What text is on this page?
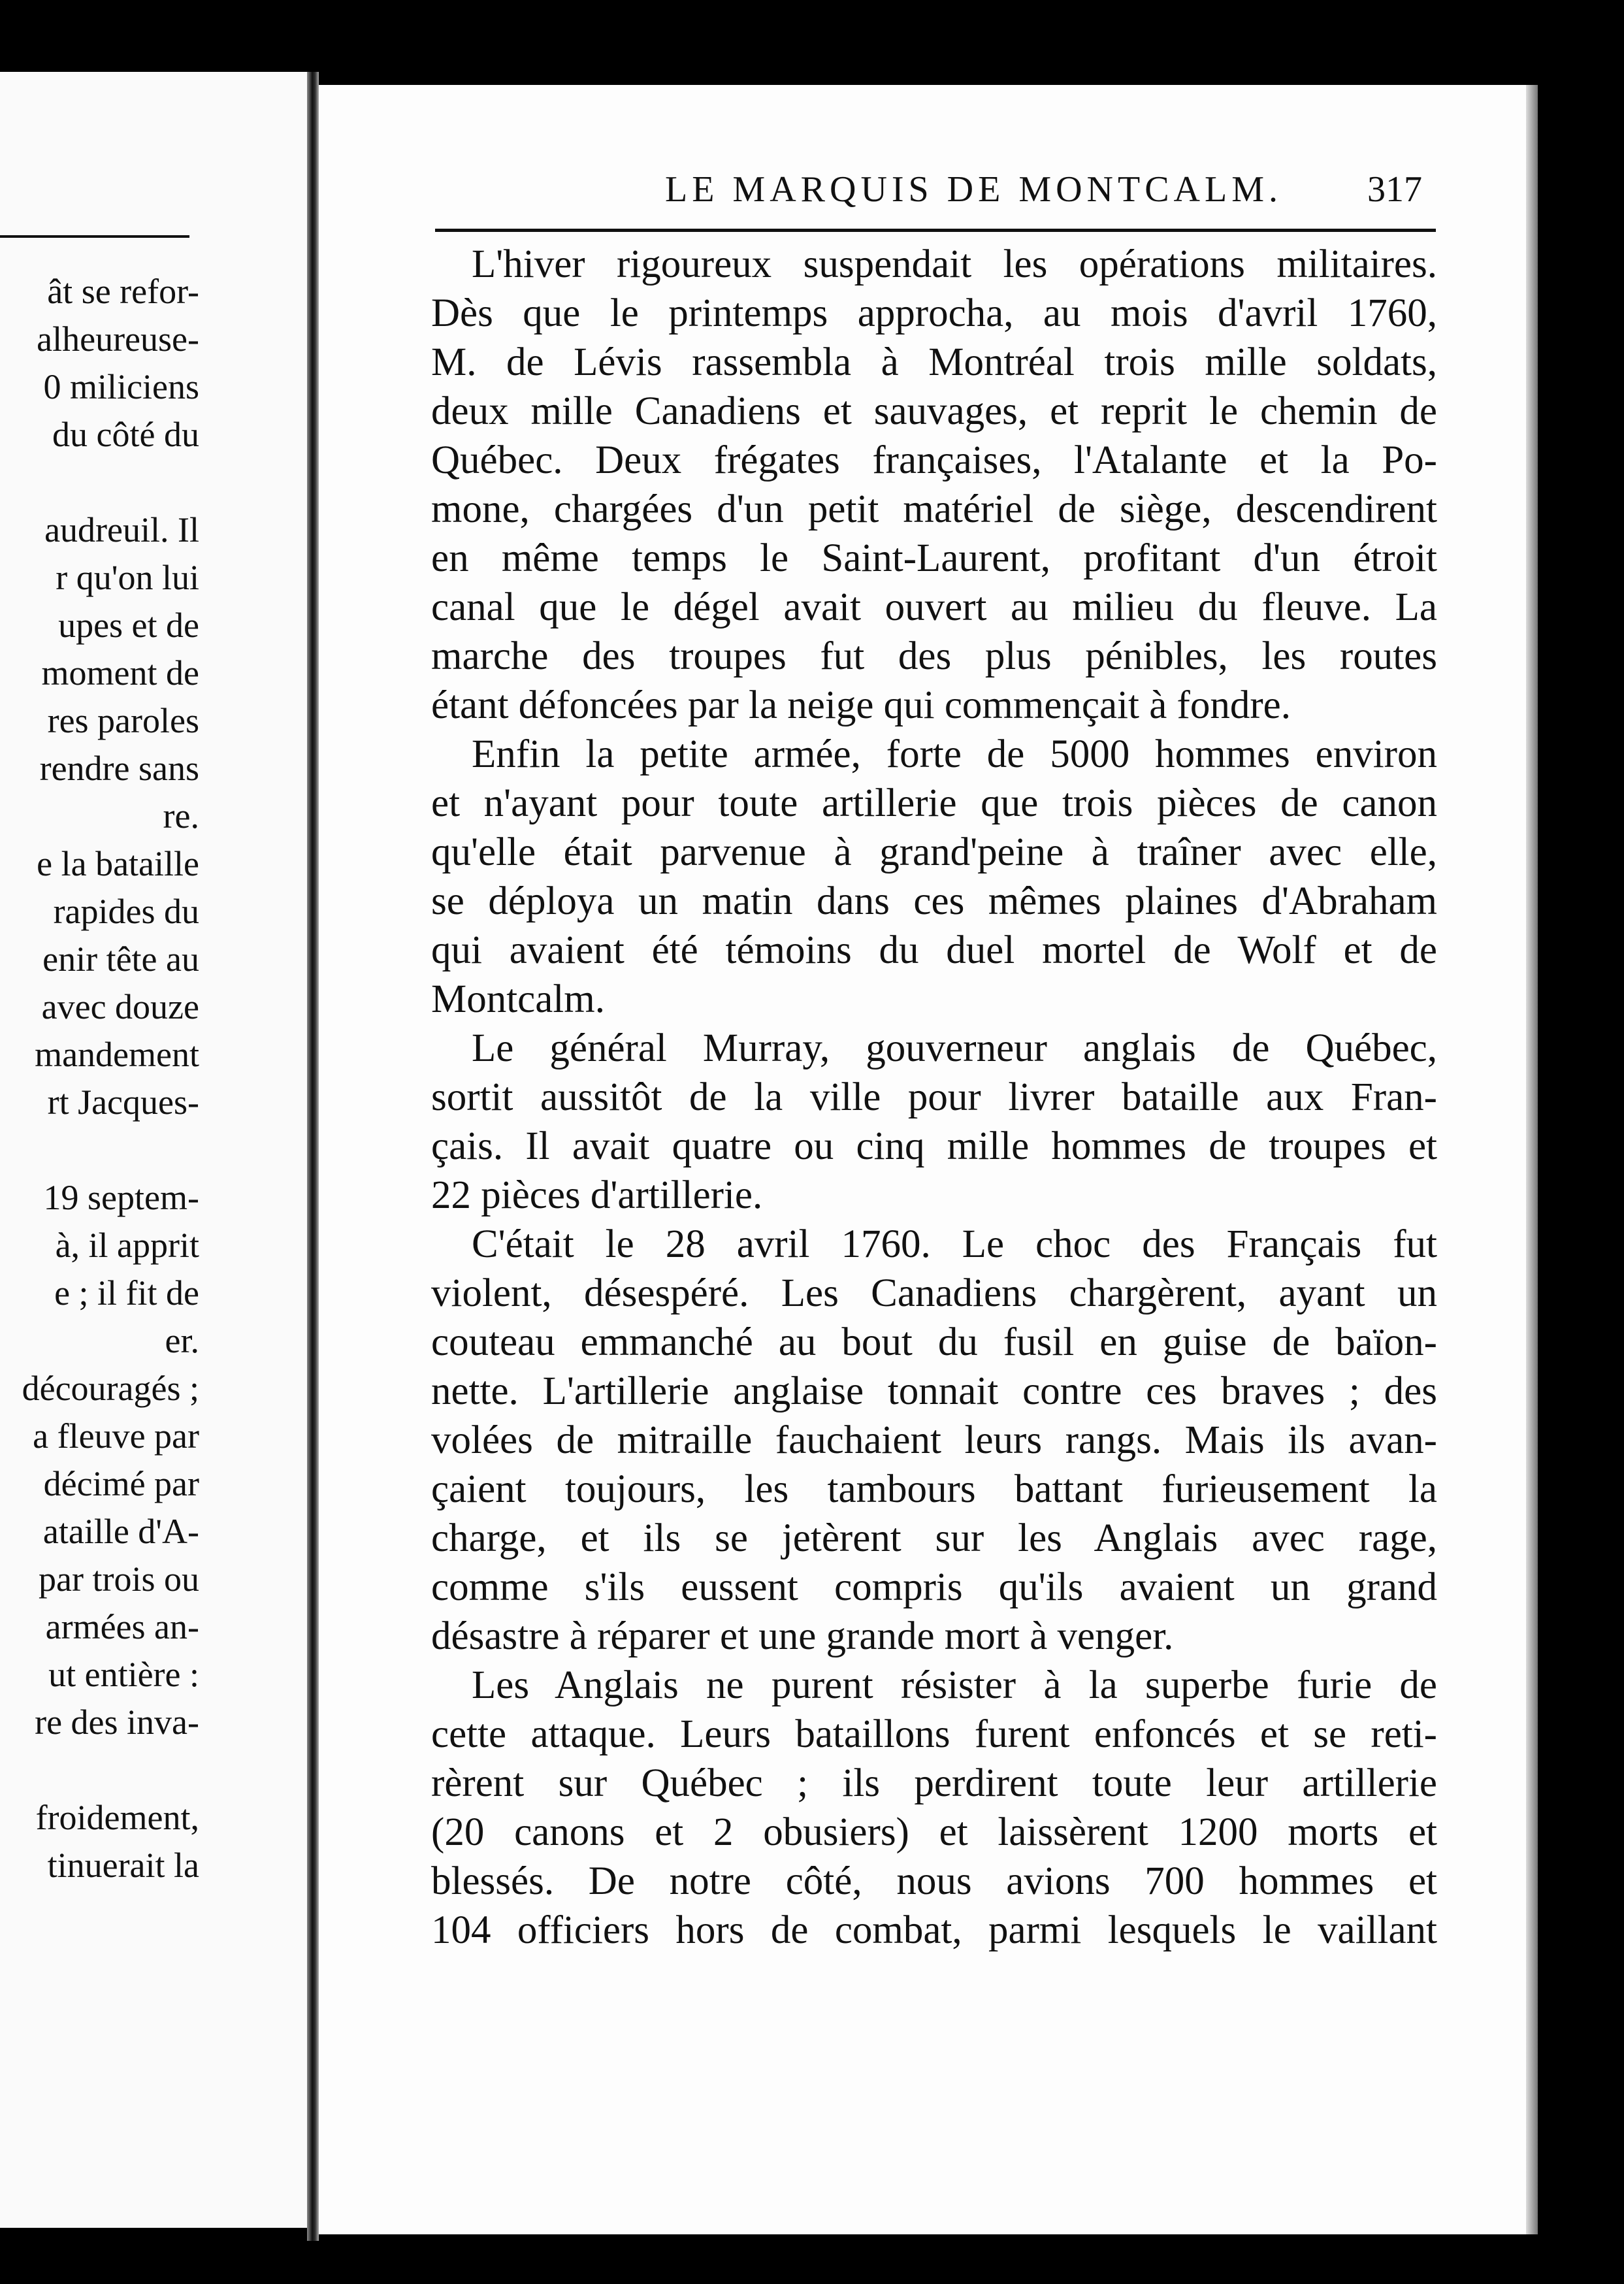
ât se refor-
alheureuse-
0 miliciens
du côté du
audreuil. Il
r qu'on lui
upes et de
moment de
res paroles
rendre sans
re.
e la bataille
rapides du
enir tête au
avec douze
mandement
rt Jacques-
19 septem-
à, il apprit
e ; il fit de
er.
découragés ;
a fleuve par
décimé par
ataille d'A-
par trois ou
armées an-
ut entière :
re des inva-
froidement,
tinuerait la
LE MARQUIS DE MONTCALM. 317
L'hiver rigoureux suspendait les opérations militaires.
Dès que le printemps approcha, au mois d'avril 1760,
M. de Lévis rassembla à Montréal trois mille soldats,
deux mille Canadiens et sauvages, et reprit le chemin de
Québec. Deux frégates françaises, l'Atalante et la Po-
mone, chargées d'un petit matériel de siège, descendirent
en même temps le Saint-Laurent, profitant d'un étroit
canal que le dégel avait ouvert au milieu du fleuve. La
marche des troupes fut des plus pénibles, les routes
étant défoncées par la neige qui commençait à fondre.
Enfin la petite armée, forte de 5000 hommes environ
et n'ayant pour toute artillerie que trois pièces de canon
qu'elle était parvenue à grand'peine à traîner avec elle,
se déploya un matin dans ces mêmes plaines d'Abraham
qui avaient été témoins du duel mortel de Wolf et de
Montcalm.
Le général Murray, gouverneur anglais de Québec,
sortit aussitôt de la ville pour livrer bataille aux Fran-
çais. Il avait quatre ou cinq mille hommes de troupes et
22 pièces d'artillerie.
C'était le 28 avril 1760. Le choc des Français fut
violent, désespéré. Les Canadiens chargèrent, ayant un
couteau emmanché au bout du fusil en guise de baïon-
nette. L'artillerie anglaise tonnait contre ces braves ; des
volées de mitraille fauchaient leurs rangs. Mais ils avan-
çaient toujours, les tambours battant furieusement la
charge, et ils se jetèrent sur les Anglais avec rage,
comme s'ils eussent compris qu'ils avaient un grand
désastre à réparer et une grande mort à venger.
Les Anglais ne purent résister à la superbe furie de
cette attaque. Leurs bataillons furent enfoncés et se reti-
rèrent sur Québec ; ils perdirent toute leur artillerie
(20 canons et 2 obusiers) et laissèrent 1200 morts et
blessés. De notre côté, nous avions 700 hommes et
104 officiers hors de combat, parmi lesquels le vaillant
